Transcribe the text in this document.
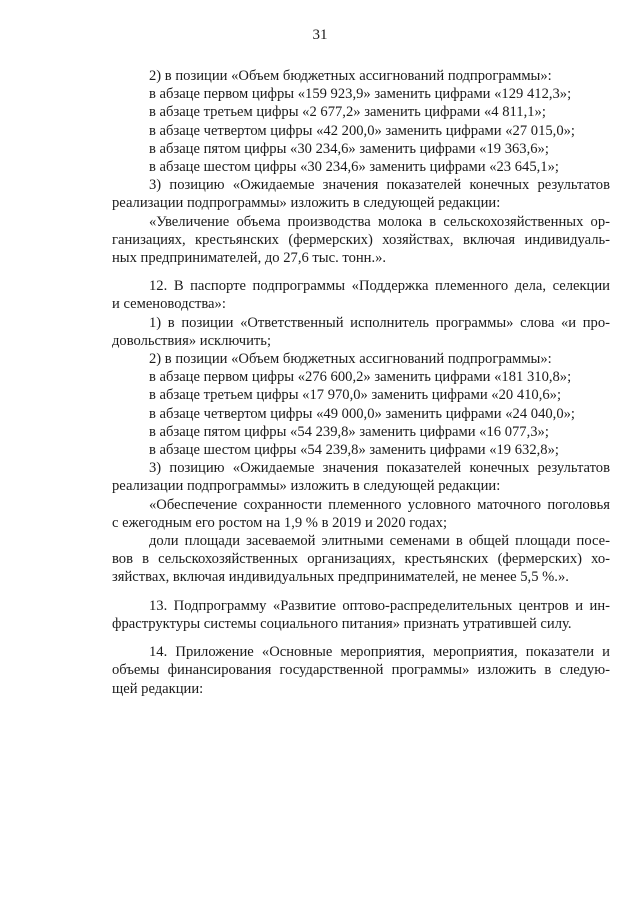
31
2) в позиции «Объем бюджетных ассигнований подпрограммы»:
в абзаце первом цифры «159 923,9» заменить цифрами «129 412,3»;
в абзаце третьем цифры «2 677,2» заменить цифрами «4 811,1»;
в абзаце четвертом цифры «42 200,0» заменить цифрами «27 015,0»;
в абзаце пятом цифры «30 234,6» заменить цифрами «19 363,6»;
в абзаце шестом цифры «30 234,6» заменить цифрами «23 645,1»;
3) позицию «Ожидаемые значения показателей конечных результатов
реализации подпрограммы» изложить в следующей редакции:
«Увеличение объема производства молока в сельскохозяйственных ор-
ганизациях, крестьянских (фермерских) хозяйствах, включая индивидуаль-
ных предпринимателей, до 27,6 тыс. тонн.».
12. В паспорте подпрограммы «Поддержка племенного дела, селекции
и семеноводства»:
1) в позиции «Ответственный исполнитель программы» слова «и про-
довольствия» исключить;
2) в позиции «Объем бюджетных ассигнований подпрограммы»:
в абзаце первом цифры «276 600,2» заменить цифрами «181 310,8»;
в абзаце третьем цифры «17 970,0» заменить цифрами «20 410,6»;
в абзаце четвертом цифры «49 000,0» заменить цифрами «24 040,0»;
в абзаце пятом цифры «54 239,8» заменить цифрами «16 077,3»;
в абзаце шестом цифры «54 239,8» заменить цифрами «19 632,8»;
3) позицию «Ожидаемые значения показателей конечных результатов
реализации подпрограммы» изложить в следующей редакции:
«Обеспечение сохранности племенного условного маточного поголовья
с ежегодным его ростом на 1,9 % в 2019 и 2020 годах;
доли площади засеваемой элитными семенами в общей площади посе-
вов в сельскохозяйственных организациях, крестьянских (фермерских) хо-
зяйствах, включая индивидуальных предпринимателей, не менее 5,5 %.».
13. Подпрограмму «Развитие оптово-распределительных центров и ин-
фраструктуры системы социального питания» признать утратившей силу.
14. Приложение «Основные мероприятия, мероприятия, показатели и
объемы финансирования государственной программы» изложить в следую-
щей редакции:
